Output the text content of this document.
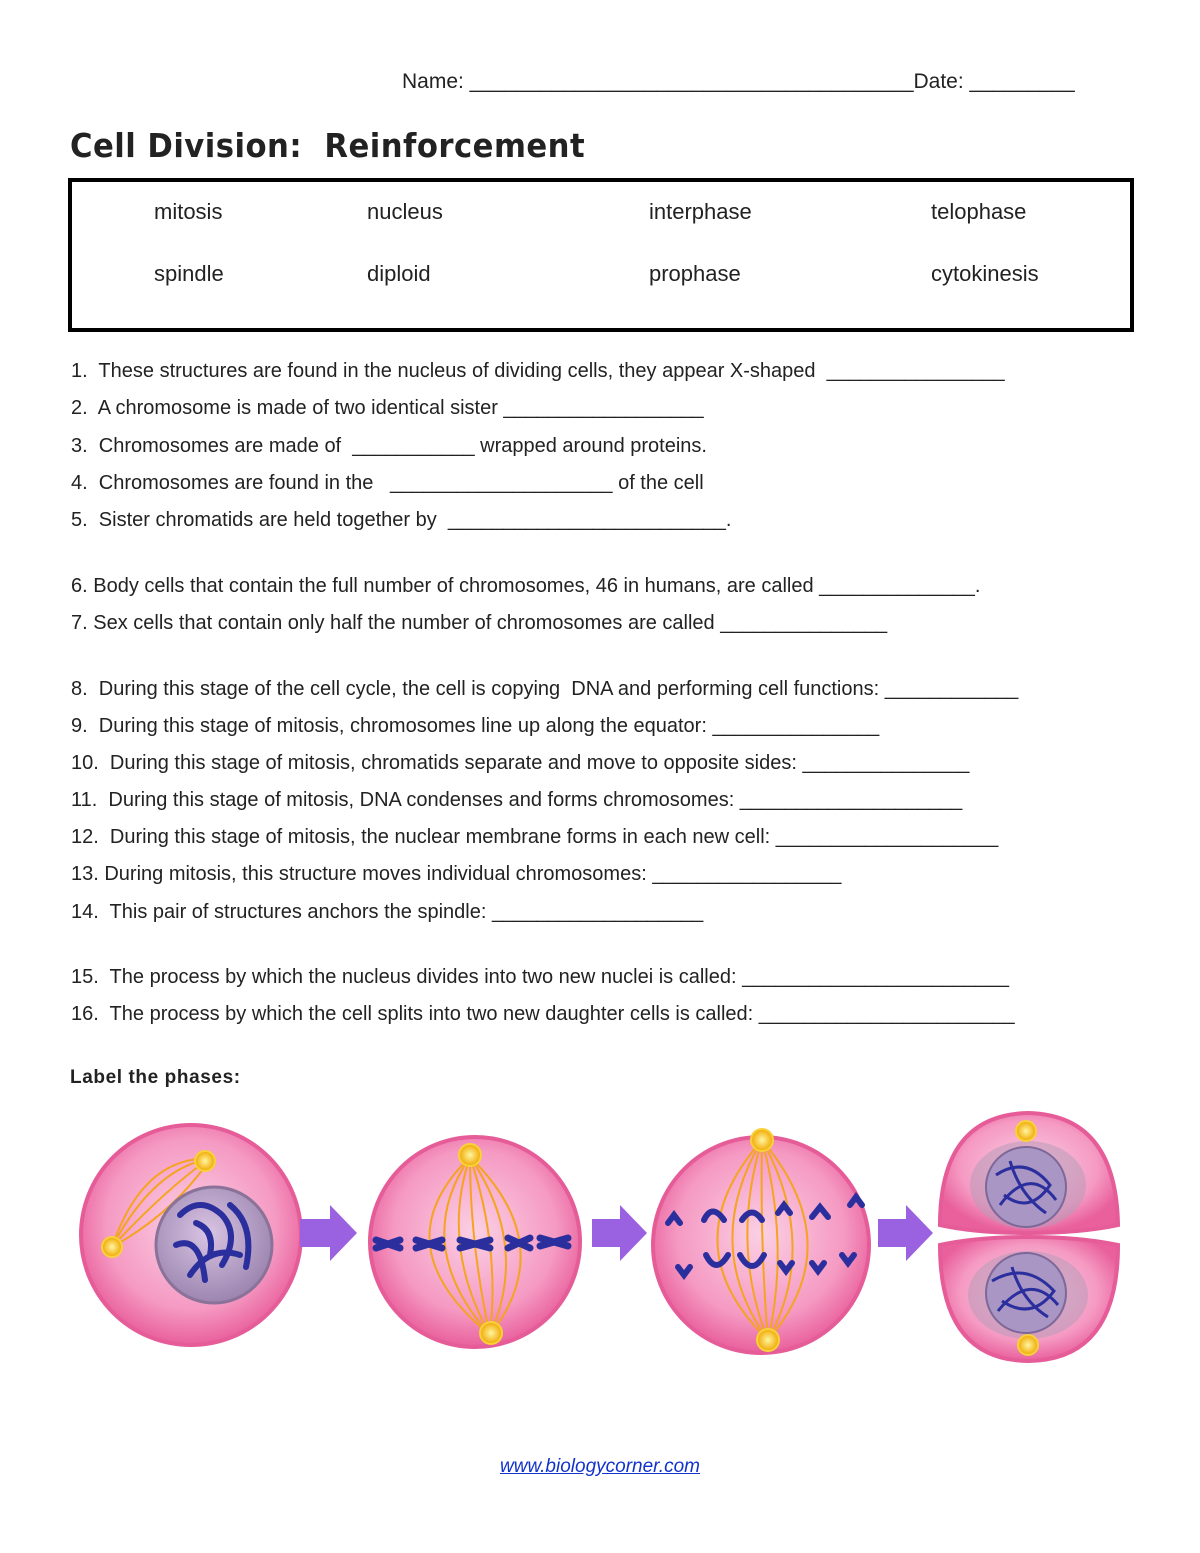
Name: ______________________________________Date: _________
Cell Division:  Reinforcement
mitosis	nucleus	interphase	telophase
spindle	diploid	prophase	cytokinesis
1.  These structures are found in the nucleus of dividing cells, they appear X-shaped  ________________
2.  A chromosome is made of two identical sister __________________
3.  Chromosomes are made of  ___________ wrapped around proteins.
4.  Chromosomes are found in the   ____________________ of the cell
5.  Sister chromatids are held together by  _________________________.
6. Body cells that contain the full number of chromosomes, 46 in humans, are called ______________.
7. Sex cells that contain only half the number of chromosomes are called _______________
8.  During this stage of the cell cycle, the cell is copying  DNA and performing cell functions: ____________
9.  During this stage of mitosis, chromosomes line up along the equator: _______________
10.  During this stage of mitosis, chromatids separate and move to opposite sides: _______________
11.  During this stage of mitosis, DNA condenses and forms chromosomes: ____________________
12.  During this stage of mitosis, the nuclear membrane forms in each new cell: ____________________
13. During mitosis, this structure moves individual chromosomes: _________________
14.  This pair of structures anchors the spindle: ___________________
15.  The process by which the nucleus divides into two new nuclei is called: ________________________
16.  The process by which the cell splits into two new daughter cells is called: _______________________
Label the phases:
www.biologycorner.com
